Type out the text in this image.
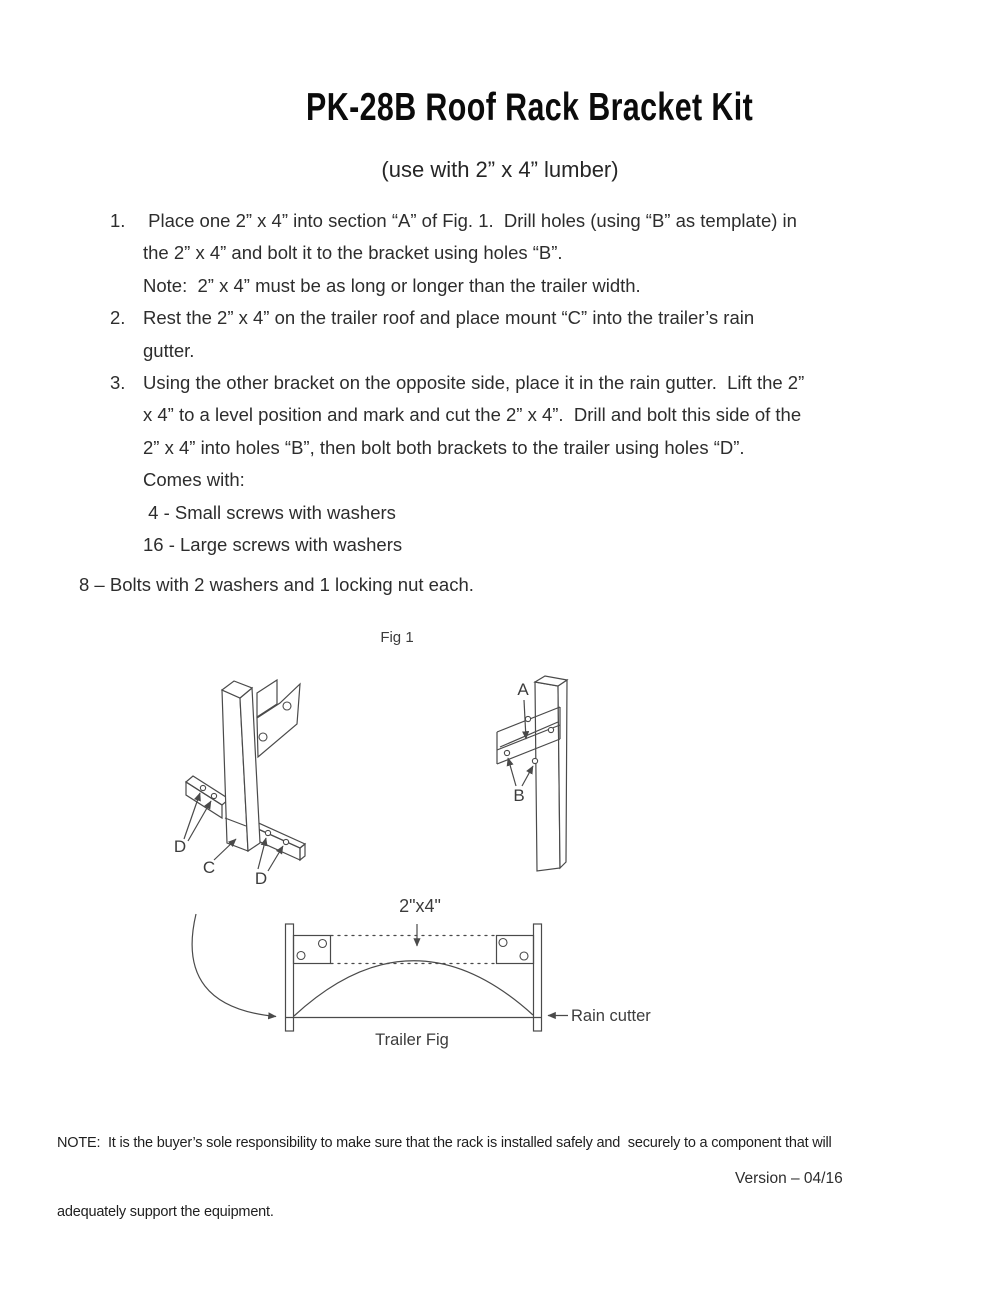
PK-28B Roof Rack Bracket Kit
(use with 2” x 4” lumber)
1. Place one 2” x 4” into section “A” of Fig. 1.  Drill holes (using “B” as template) in
the 2” x 4” and bolt it to the bracket using holes “B”.
Note:  2” x 4” must be as long or longer than the trailer width.
2. Rest the 2” x 4” on the trailer roof and place mount “C” into the trailer’s rain
gutter.
3. Using the other bracket on the opposite side, place it in the rain gutter.  Lift the 2”
x 4” to a level position and mark and cut the 2” x 4”.  Drill and bolt this side of the
2” x 4” into holes “B”, then bolt both brackets to the trailer using holes “D”.
Comes with:
4 - Small screws with washers
16 - Large screws with washers
8 – Bolts with 2 washers and 1 locking nut each.
Fig 1
D
C
D
A
B
2"x4"
Rain cutter
Trailer Fig

NOTE:  It is the buyer’s sole responsibility to make sure that the rack is installed safely and  securely to a component that will

adequately support the equipment.

Version – 04/16
